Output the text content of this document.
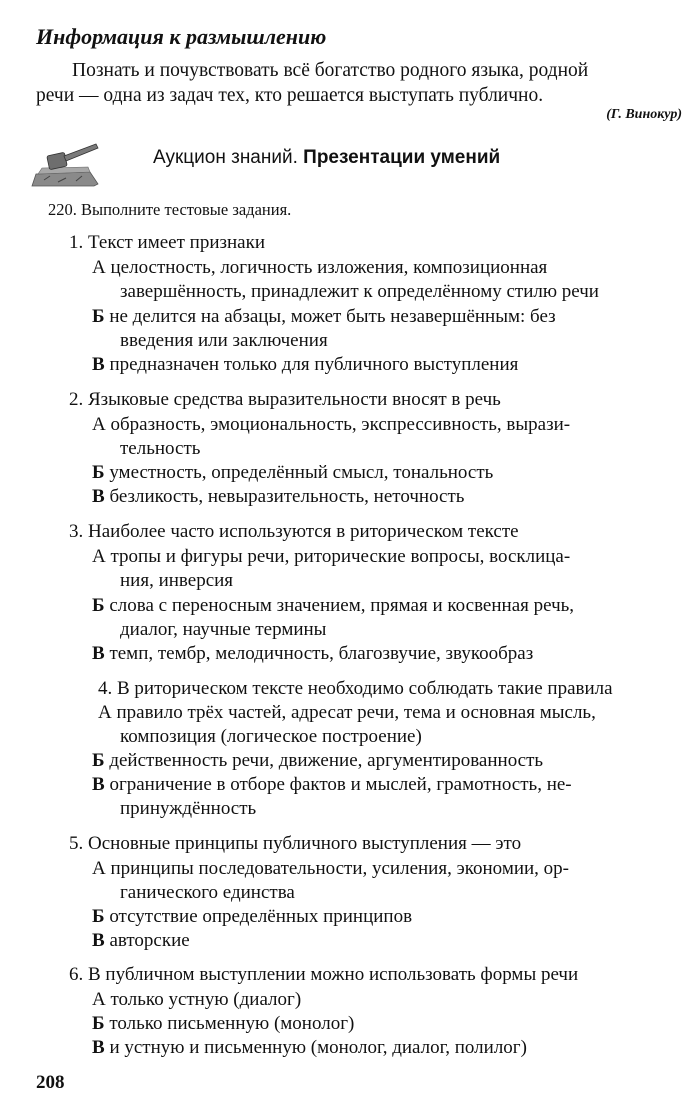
Информация к размышлению

Познать и почувствовать всё богатство родного языка, родной

речи — одна из задач тех, кто решается выступать публично.

(Г. Винокур)
Аукцион знаний. Презентации умений
220. Выполните тестовые задания.
1. Текст имеет признаки
А целостность, логичность изложения, композиционная
завершённость, принадлежит к определённому стилю речи
Б не делится на абзацы, может быть незавершённым: без
введения или заключения
В предназначен только для публичного выступления
2. Языковые средства выразительности вносят в речь
А образность, эмоциональность, экспрессивность, вырази-
тельность
Б уместность, определённый смысл, тональность
В безликость, невыразительность, неточность
3. Наиболее часто используются в риторическом тексте
А тропы и фигуры речи, риторические вопросы, восклица-
ния, инверсия
Б слова с переносным значением, прямая и косвенная речь,
диалог, научные термины
В темп, тембр, мелодичность, благозвучие, звукообраз
4. В риторическом тексте необходимо соблюдать такие правила
А правило трёх частей, адресат речи, тема и основная мысль,
композиция (логическое построение)
Б действенность речи, движение, аргументированность
В ограничение в отборе фактов и мыслей, грамотность, не-
принуждённость
5. Основные принципы публичного выступления — это
А принципы последовательности, усиления, экономии, ор-
ганического единства
Б отсутствие определённых принципов
В авторские
6. В публичном выступлении можно использовать формы речи
А только устную (диалог)
Б только письменную (монолог)
В и устную и письменную (монолог, диалог, полилог)
208
